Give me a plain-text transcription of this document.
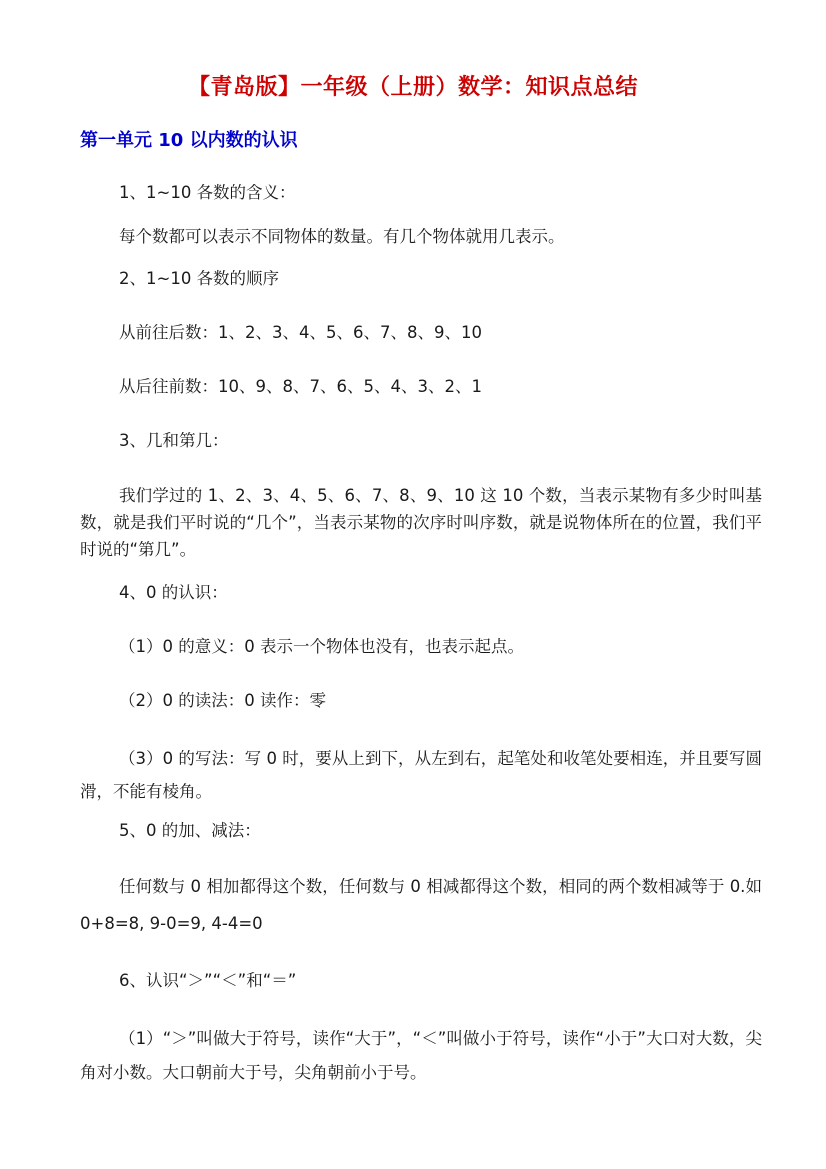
【青岛版】一年级（上册）数学：知识点总结
第一单元 10 以内数的认识
1、1~10 各数的含义：
每个数都可以表示不同物体的数量。有几个物体就用几表示。
2、1~10 各数的顺序
从前往后数：1、2、3、4、5、6、7、8、9、10
从后往前数：10、9、8、7、6、5、4、3、2、1
3、几和第几：
我们学过的 1、2、3、4、5、6、7、8、9、10 这 10 个数，当表示某物有多少时叫基数，就是我们平时说的“几个”，当表示某物的次序时叫序数，就是说物体所在的位置，我们平时说的“第几”。
4、0 的认识：
（1）0 的意义：0 表示一个物体也没有，也表示起点。
（2）0 的读法：0 读作：零
（3）0 的写法：写 0 时，要从上到下，从左到右，起笔处和收笔处要相连，并且要写圆滑，不能有棱角。
5、0 的加、减法：
任何数与 0 相加都得这个数，任何数与 0 相减都得这个数，相同的两个数相减等于 0.如 0+8=8, 9-0=9, 4-4=0
6、认识“＞”“＜”和“＝”
（1）“＞”叫做大于符号，读作“大于”，“＜”叫做小于符号，读作“小于”大口对大数，尖角对小数。大口朝前大于号，尖角朝前小于号。
